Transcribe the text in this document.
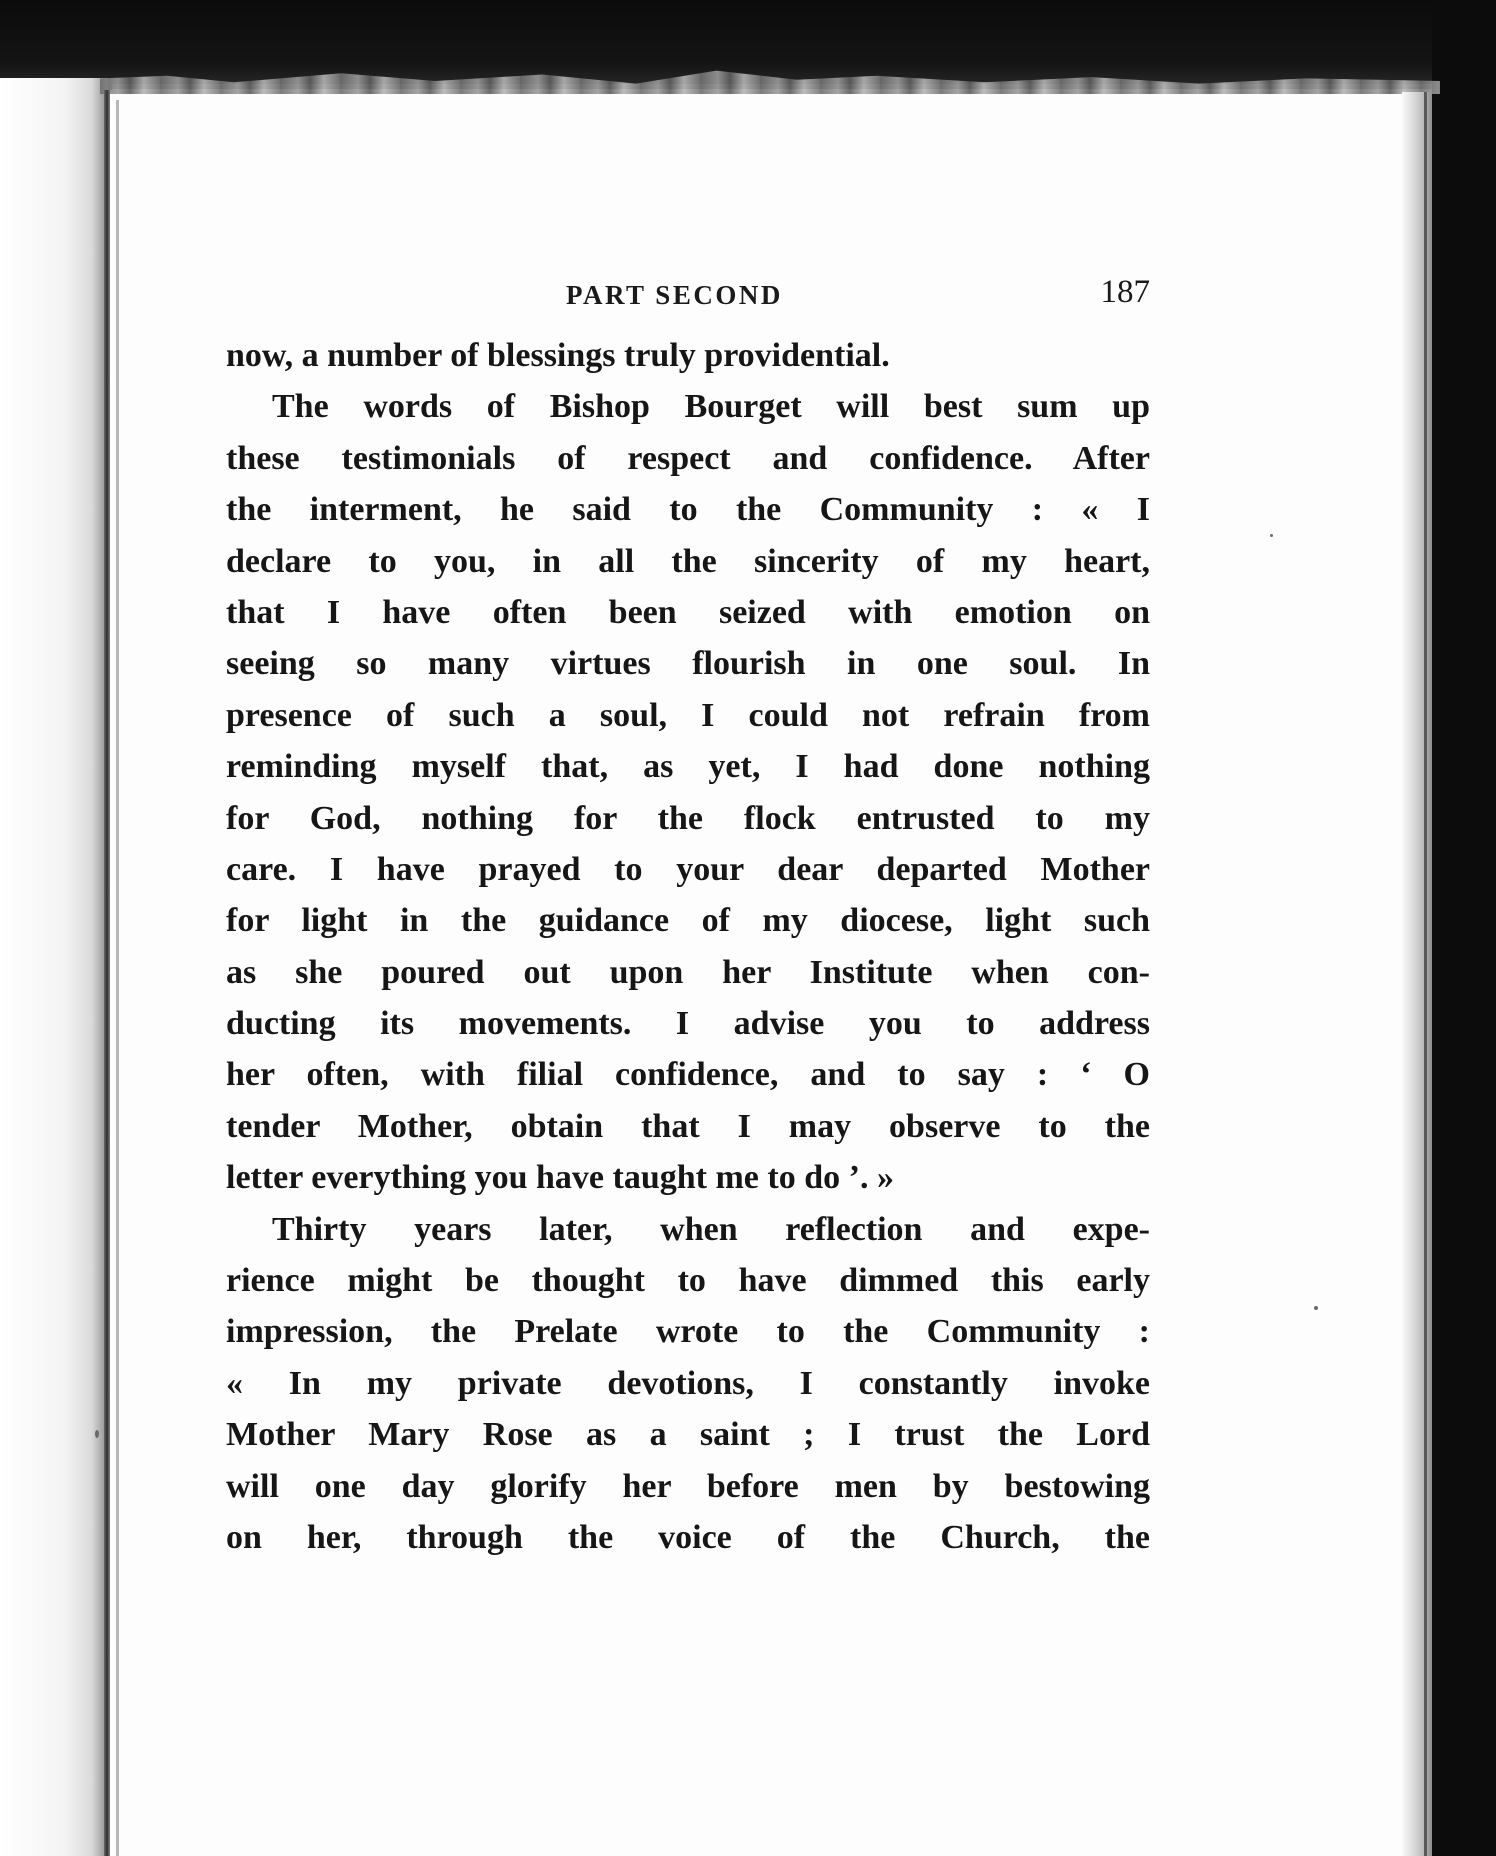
PART SECOND	187
now, a number of blessings truly providential.
The words of Bishop Bourget will best sum up
these testimonials of respect and confidence. After
the interment, he said to the Community : « I
declare to you, in all the sincerity of my heart,
that I have often been seized with emotion on
seeing so many virtues flourish in one soul. In
presence of such a soul, I could not refrain from
reminding myself that, as yet, I had done nothing
for God, nothing for the flock entrusted to my
care. I have prayed to your dear departed Mother
for light in the guidance of my diocese, light such
as she poured out upon her Institute when con-
ducting its movements. I advise you to address
her often, with filial confidence, and to say : ‘ O
tender Mother, obtain that I may observe to the
letter everything you have taught me to do ’. »
Thirty years later, when reflection and expe-
rience might be thought to have dimmed this early
impression, the Prelate wrote to the Community :
« In my private devotions, I constantly invoke
Mother Mary Rose as a saint ; I trust the Lord
will one day glorify her before men by bestowing
on her, through the voice of the Church, the
